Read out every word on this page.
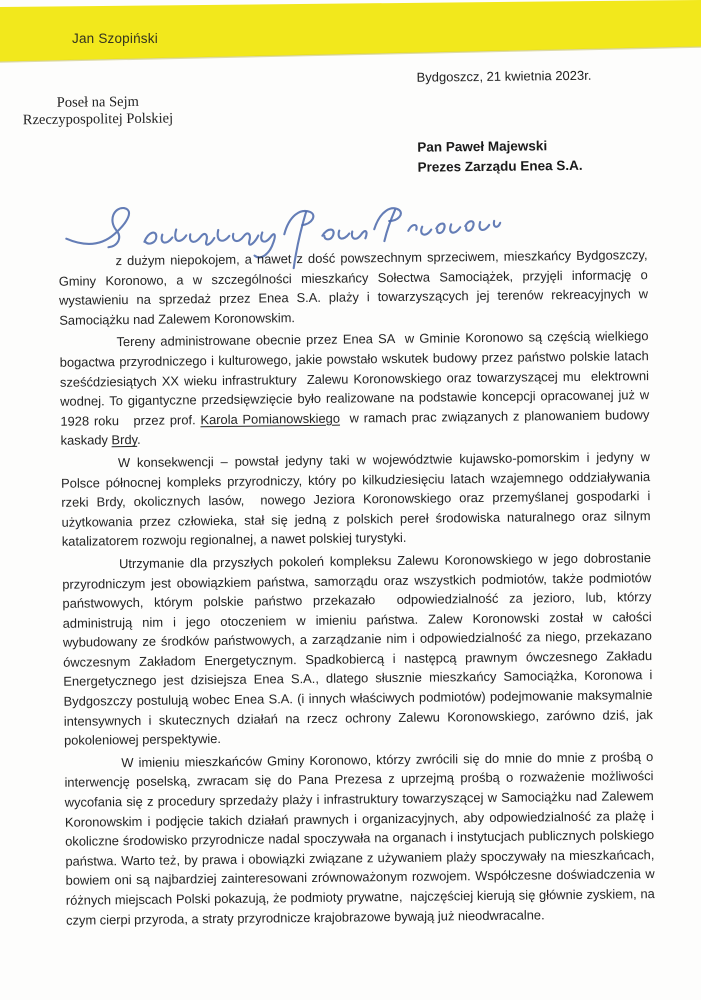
Jan Szopiński
Bydgoszcz, 21 kwietnia 2023r.
Poseł na Sejm
Rzeczypospolitej Polskiej
Pan Paweł Majewski
Prezes Zarządu Enea S.A.

z dużym niepokojem, a nawet z dość powszechnym sprzeciwem, mieszkańcy Bydgoszczy, Gminy Koronowo, a w szczególności mieszkańcy Sołectwa Samociążek, przyjęli informację o wystawieniu na sprzedaż przez Enea S.A. plaży i towarzyszących jej terenów rekreacyjnych w Samociążku nad Zalewem Koronowskim.

Tereny administrowane obecnie przez Enea SA  w Gminie Koronowo są częścią wielkiego bogactwa przyrodniczego i kulturowego, jakie powstało wskutek budowy przez państwo polskie latach sześćdziesiątych XX wieku infrastruktury  Zalewu Koronowskiego oraz towarzyszącej mu  elektrowni wodnej. To gigantyczne przedsięwzięcie było realizowane na podstawie koncepcji opracowanej już w 1928 roku   przez prof. Karola Pomianowskiego  w ramach prac związanych z planowaniem budowy kaskady Brdy.

W konsekwencji – powstał jedyny taki w województwie kujawsko-pomorskim i jedyny w Polsce północnej kompleks przyrodniczy, który po kilkudziesięciu latach wzajemnego oddziaływania rzeki Brdy, okolicznych lasów,  nowego Jeziora Koronowskiego oraz przemyślanej gospodarki i użytkowania przez człowieka, stał się jedną z polskich pereł środowiska naturalnego oraz silnym katalizatorem rozwoju regionalnej, a nawet polskiej turystyki.

Utrzymanie dla przyszłych pokoleń kompleksu Zalewu Koronowskiego w jego dobrostanie przyrodniczym jest obowiązkiem państwa, samorządu oraz wszystkich podmiotów, także podmiotów państwowych, którym polskie państwo przekazało  odpowiedzialność za jezioro, lub, którzy administrują nim i jego otoczeniem w imieniu państwa. Zalew Koronowski został w całości wybudowany ze środków państwowych, a zarządzanie nim i odpowiedzialność za niego, przekazano ówczesnym Zakładom Energetycznym. Spadkobiercą i następcą prawnym ówczesnego Zakładu Energetycznego jest dzisiejsza Enea S.A., dlatego słusznie mieszkańcy Samociążka, Koronowa i Bydgoszczy postulują wobec Enea S.A. (i innych właściwych podmiotów) podejmowanie maksymalnie intensywnych i skutecznych działań na rzecz ochrony Zalewu Koronowskiego, zarówno dziś, jak pokoleniowej perspektywie.

W imieniu mieszkańców Gminy Koronowo, którzy zwrócili się do mnie do mnie z prośbą o interwencję poselską, zwracam się do Pana Prezesa z uprzejmą prośbą o rozważenie możliwości wycofania się z procedury sprzedaży plaży i infrastruktury towarzyszącej w Samociążku nad Zalewem Koronowskim i podjęcie takich działań prawnych i organizacyjnych, aby odpowiedzialność za plażę i okoliczne środowisko przyrodnicze nadal spoczywała na organach i instytucjach publicznych polskiego państwa. Warto też, by prawa i obowiązki związane z używaniem plaży spoczywały na mieszkańcach, bowiem oni są najbardziej zainteresowani zrównoważonym rozwojem. Współczesne doświadczenia w różnych miejscach Polski pokazują, że podmioty prywatne,  najczęściej kierują się głównie zyskiem, na czym cierpi przyroda, a straty przyrodnicze krajobrazowe bywają już nieodwracalne.
